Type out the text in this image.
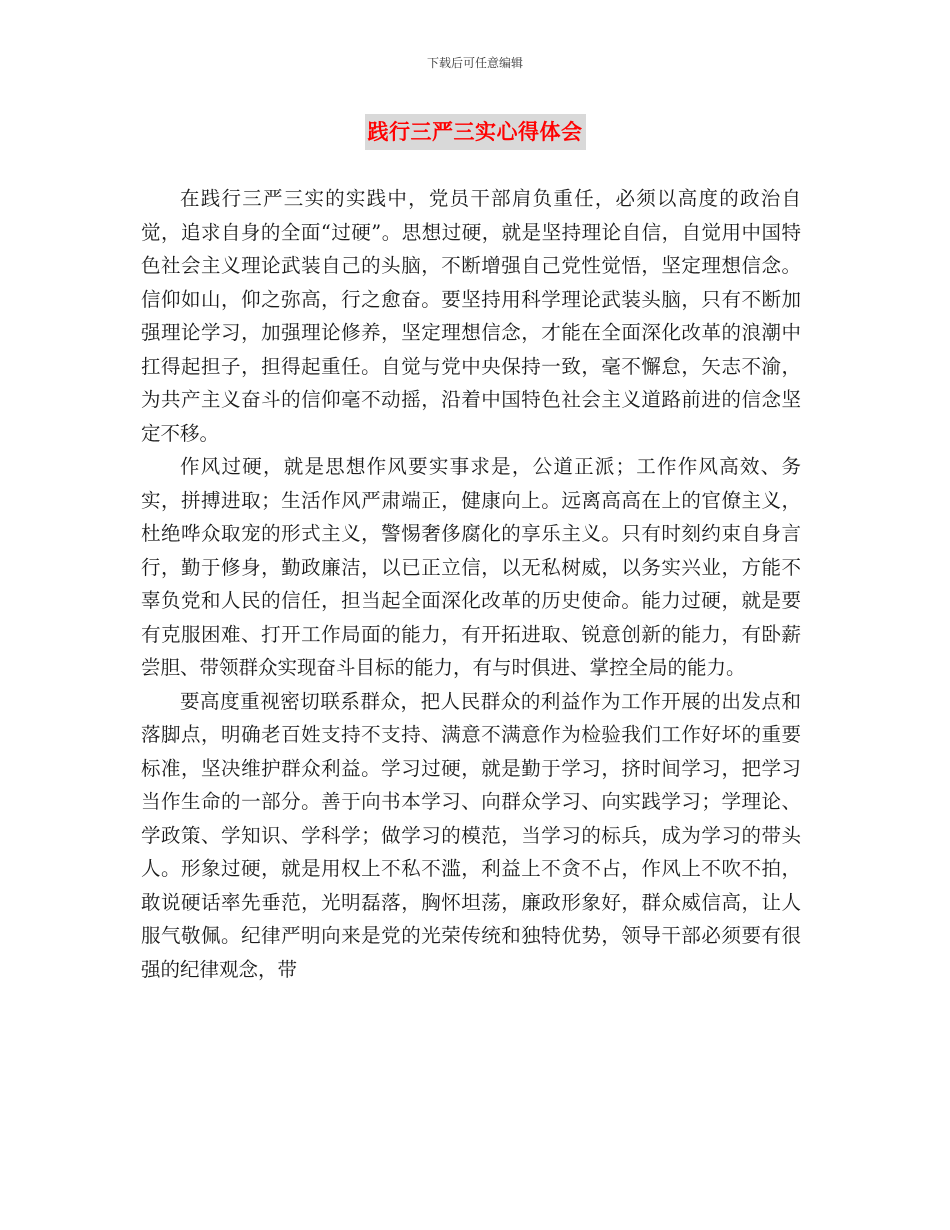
下载后可任意编辑
践行三严三实心得体会

在践行三严三实的实践中，党员干部肩负重任，必须以高度的政治自觉，追求自身的全面“过硬”。思想过硬，就是坚持理论自信，自觉用中国特色社会主义理论武装自己的头脑，不断增强自己党性觉悟，坚定理想信念。信仰如山，仰之弥高，行之愈奋。要坚持用科学理论武装头脑，只有不断加强理论学习，加强理论修养，坚定理想信念，才能在全面深化改革的浪潮中扛得起担子，担得起重任。自觉与党中央保持一致，毫不懈怠，矢志不渝，为共产主义奋斗的信仰毫不动摇，沿着中国特色社会主义道路前进的信念坚定不移。

作风过硬，就是思想作风要实事求是，公道正派；工作作风高效、务实，拼搏进取；生活作风严肃端正，健康向上。远离高高在上的官僚主义，杜绝哗众取宠的形式主义，警惕奢侈腐化的享乐主义。只有时刻约束自身言行，勤于修身，勤政廉洁，以已正立信，以无私树威，以务实兴业，方能不辜负党和人民的信任，担当起全面深化改革的历史使命。能力过硬，就是要有克服困难、打开工作局面的能力，有开拓进取、锐意创新的能力，有卧薪尝胆、带领群众实现奋斗目标的能力，有与时俱进、掌控全局的能力。

要高度重视密切联系群众，把人民群众的利益作为工作开展的出发点和落脚点，明确老百姓支持不支持、满意不满意作为检验我们工作好坏的重要标准，坚决维护群众利益。学习过硬，就是勤于学习，挤时间学习，把学习当作生命的一部分。善于向书本学习、向群众学习、向实践学习；学理论、学政策、学知识、学科学；做学习的模范，当学习的标兵，成为学习的带头人。形象过硬，就是用权上不私不滥，利益上不贪不占，作风上不吹不拍，敢说硬话率先垂范，光明磊落，胸怀坦荡，廉政形象好，群众威信高，让人服气敬佩。纪律严明向来是党的光荣传统和独特优势，领导干部必须要有很强的纪律观念，带
